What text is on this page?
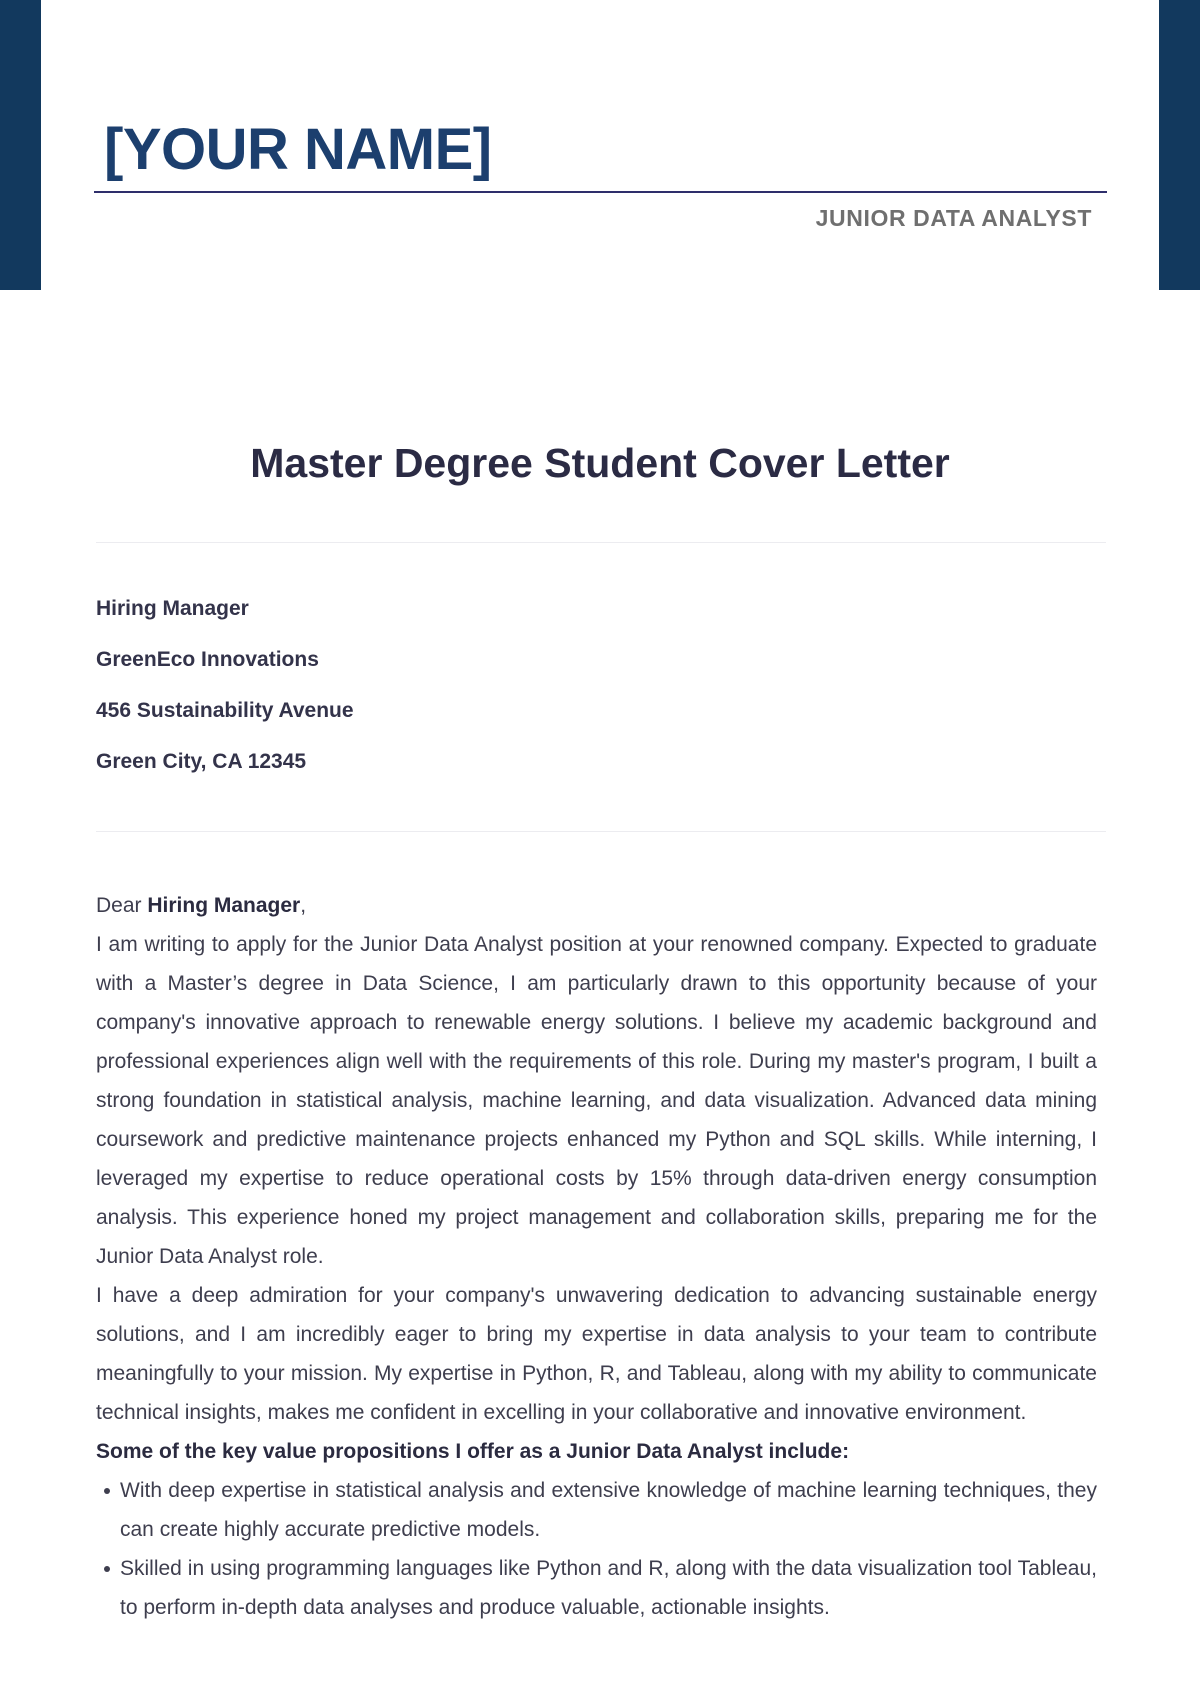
[YOUR NAME]
JUNIOR DATA ANALYST
Master Degree Student Cover Letter
Hiring Manager
GreenEco Innovations
456 Sustainability Avenue
Green City, CA 12345

Dear Hiring Manager,

I am writing to apply for the Junior Data Analyst position at your renowned company. Expected to graduate with a Master’s degree in Data Science, I am particularly drawn to this opportunity because of your company's innovative approach to renewable energy solutions. I believe my academic background and professional experiences align well with the requirements of this role. During my master's program, I built a strong foundation in statistical analysis, machine learning, and data visualization. Advanced data mining coursework and predictive maintenance projects enhanced my Python and SQL skills. While interning, I leveraged my expertise to reduce operational costs by 15% through data-driven energy consumption analysis. This experience honed my project management and collaboration skills, preparing me for the Junior Data Analyst role.

I have a deep admiration for your company's unwavering dedication to advancing sustainable energy solutions, and I am incredibly eager to bring my expertise in data analysis to your team to contribute meaningfully to your mission. My expertise in Python, R, and Tableau, along with my ability to communicate technical insights, makes me confident in excelling in your collaborative and innovative environment.

Some of the key value propositions I offer as a Junior Data Analyst include:

With deep expertise in statistical analysis and extensive knowledge of machine learning techniques, they can create highly accurate predictive models.
Skilled in using programming languages like Python and R, along with the data visualization tool Tableau, to perform in-depth data analyses and produce valuable, actionable insights.
